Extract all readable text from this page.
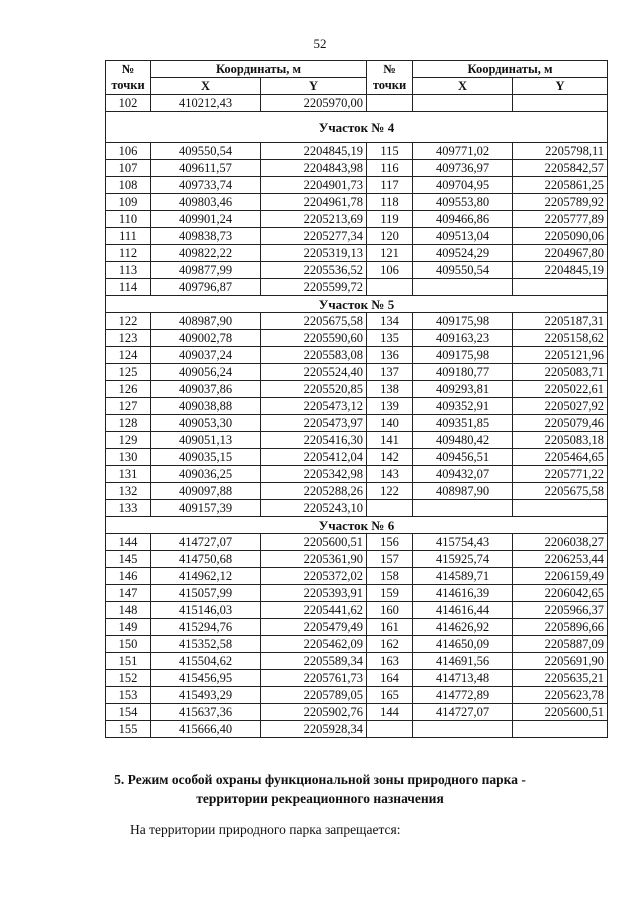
52
№	Координаты, м		№	Координаты, м	
точки	X	Y	точки	X	Y
102	410212,43	2205970,00			
Участок № 4					
106	409550,54	2204845,19	115	409771,02	2205798,11
107	409611,57	2204843,98	116	409736,97	2205842,57
108	409733,74	2204901,73	117	409704,95	2205861,25
109	409803,46	2204961,78	118	409553,80	2205789,92
110	409901,24	2205213,69	119	409466,86	2205777,89
111	409838,73	2205277,34	120	409513,04	2205090,06
112	409822,22	2205319,13	121	409524,29	2204967,80
113	409877,99	2205536,52	106	409550,54	2204845,19
114	409796,87	2205599,72			
Участок № 5					
122	408987,90	2205675,58	134	409175,98	2205187,31
123	409002,78	2205590,60	135	409163,23	2205158,62
124	409037,24	2205583,08	136	409175,98	2205121,96
125	409056,24	2205524,40	137	409180,77	2205083,71
126	409037,86	2205520,85	138	409293,81	2205022,61
127	409038,88	2205473,12	139	409352,91	2205027,92
128	409053,30	2205473,97	140	409351,85	2205079,46
129	409051,13	2205416,30	141	409480,42	2205083,18
130	409035,15	2205412,04	142	409456,51	2205464,65
131	409036,25	2205342,98	143	409432,07	2205771,22
132	409097,88	2205288,26	122	408987,90	2205675,58
133	409157,39	2205243,10			
Участок № 6					
144	414727,07	2205600,51	156	415754,43	2206038,27
145	414750,68	2205361,90	157	415925,74	2206253,44
146	414962,12	2205372,02	158	414589,71	2206159,49
147	415057,99	2205393,91	159	414616,39	2206042,65
148	415146,03	2205441,62	160	414616,44	2205966,37
149	415294,76	2205479,49	161	414626,92	2205896,66
150	415352,58	2205462,09	162	414650,09	2205887,09
151	415504,62	2205589,34	163	414691,56	2205691,90
152	415456,95	2205761,73	164	414713,48	2205635,21
153	415493,29	2205789,05	165	414772,89	2205623,78
154	415637,36	2205902,76	144	414727,07	2205600,51
155	415666,40	2205928,34			
5. Режим особой охраны функциональной зоны природного парка -
территории рекреационного назначения
На территории природного парка запрещается:
